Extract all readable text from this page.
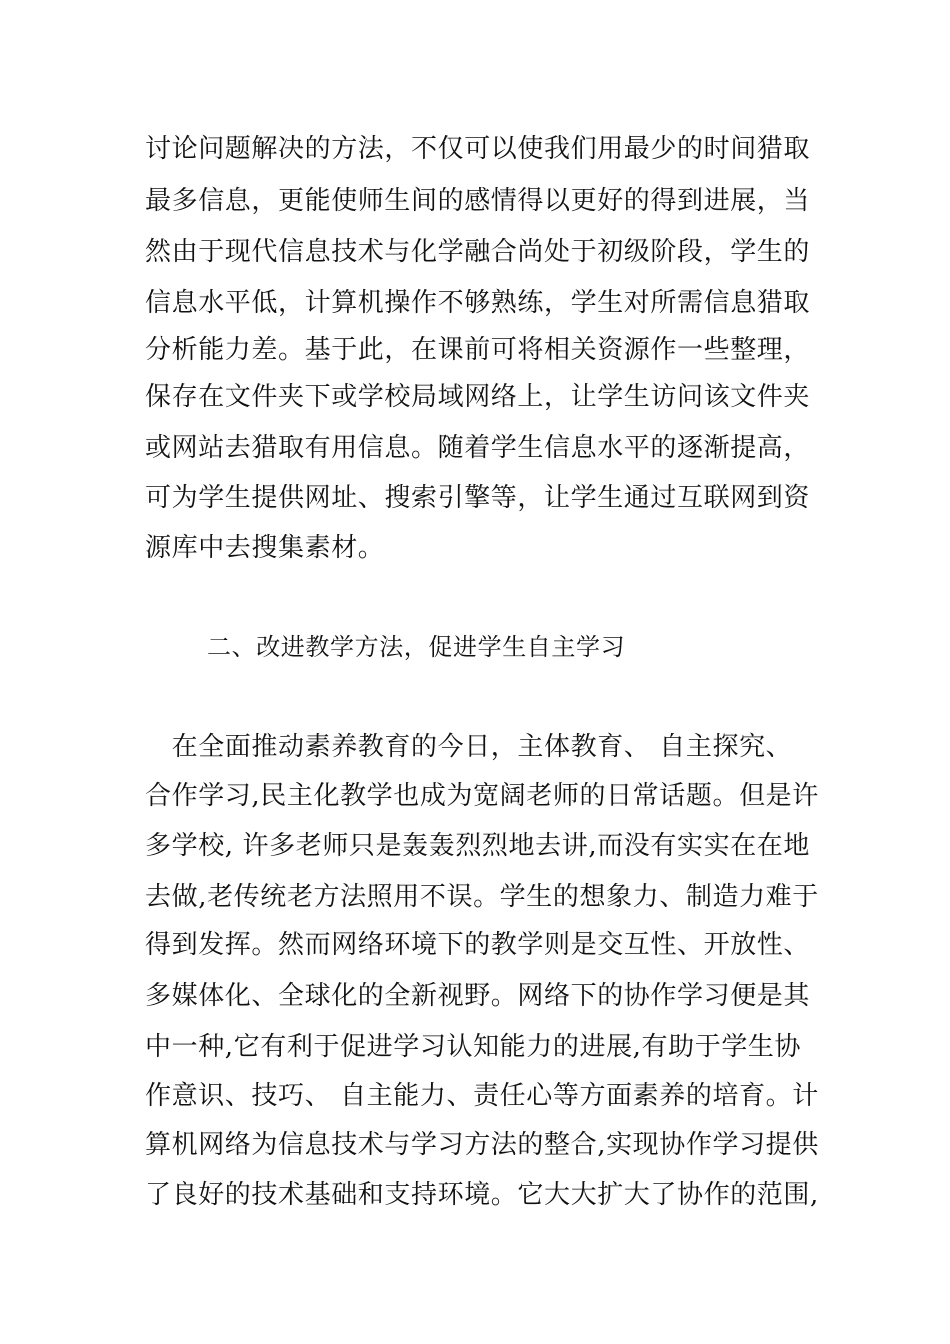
讨论问题解决的方法，不仅可以使我们用最少的时间猎取
最多信息，更能使师生间的感情得以更好的得到进展，当
然由于现代信息技术与化学融合尚处于初级阶段，学生的
信息水平低，计算机操作不够熟练，学生对所需信息猎取
分析能力差。基于此，在课前可将相关资源作一些整理，
保存在文件夹下或学校局域网络上，让学生访问该文件夹
或网站去猎取有用信息。随着学生信息水平的逐渐提高，
可为学生提供网址、搜索引擎等，让学生通过互联网到资
源库中去搜集素材。
二、改进教学方法，促进学生自主学习
　在全面推动素养教育的今日，主体教育、 自主探究、
合作学习,民主化教学也成为宽阔老师的日常话题。但是许
多学校, 许多老师只是轰轰烈烈地去讲,而没有实实在在地
去做,老传统老方法照用不误。学生的想象力、制造力难于
得到发挥。然而网络环境下的教学则是交互性、开放性、
多媒体化、全球化的全新视野。网络下的协作学习便是其
中一种,它有利于促进学习认知能力的进展,有助于学生协
作意识、技巧、 自主能力、责任心等方面素养的培育。计
算机网络为信息技术与学习方法的整合,实现协作学习提供
了良好的技术基础和支持环境。它大大扩大了协作的范围,
